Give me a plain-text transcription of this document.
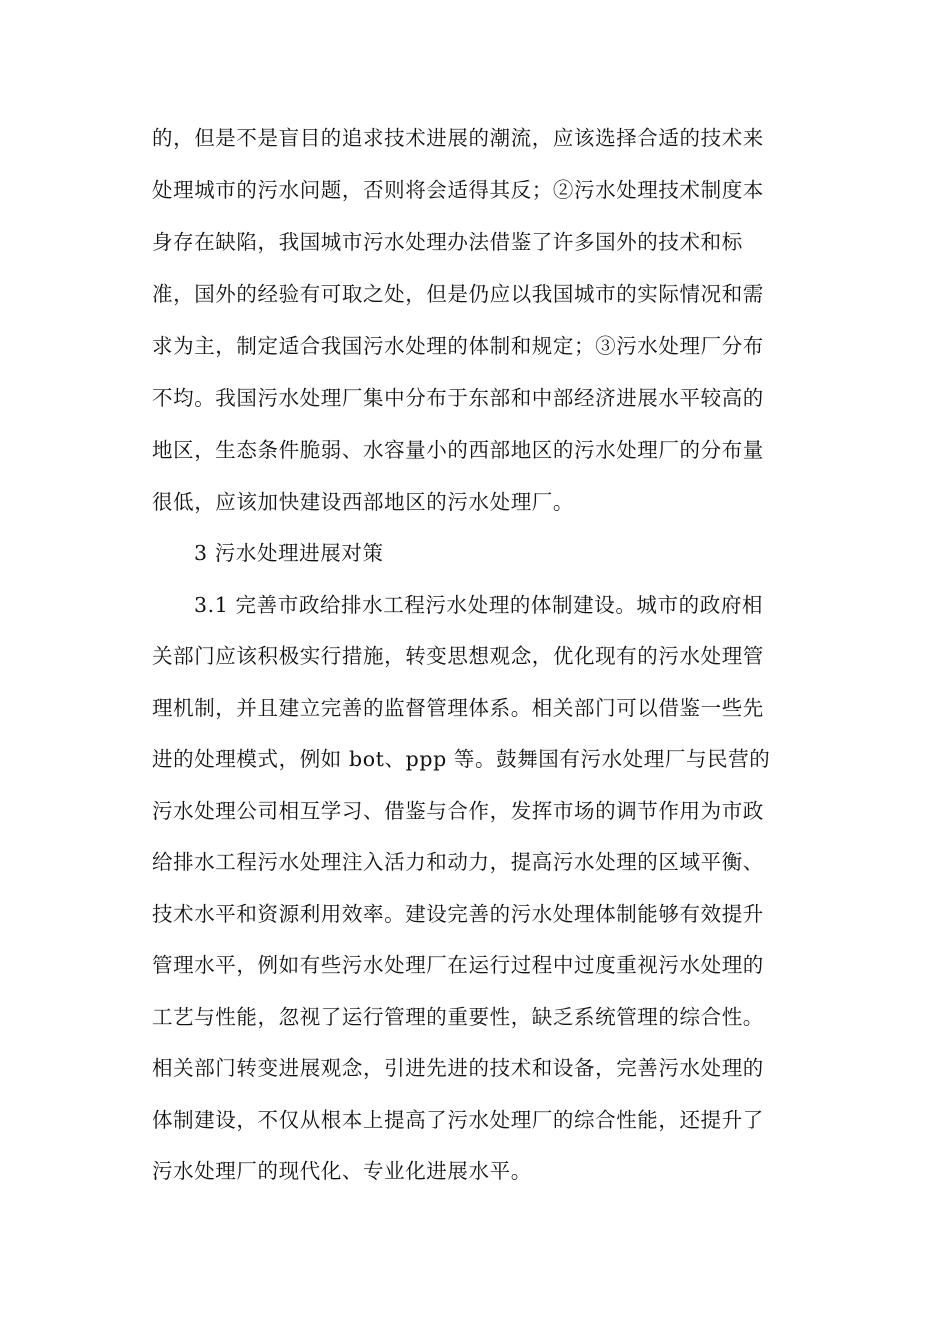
的，但是不是盲目的追求技术进展的潮流，应该选择合适的技术来
处理城市的污水问题，否则将会适得其反；②污水处理技术制度本
身存在缺陷，我国城市污水处理办法借鉴了许多国外的技术和标
准，国外的经验有可取之处，但是仍应以我国城市的实际情况和需
求为主，制定适合我国污水处理的体制和规定；③污水处理厂分布
不均。我国污水处理厂集中分布于东部和中部经济进展水平较高的
地区，生态条件脆弱、水容量小的西部地区的污水处理厂的分布量
很低，应该加快建设西部地区的污水处理厂。
3 污水处理进展对策
3.1 完善市政给排水工程污水处理的体制建设。城市的政府相
关部门应该积极实行措施，转变思想观念，优化现有的污水处理管
理机制，并且建立完善的监督管理体系。相关部门可以借鉴一些先
进的处理模式，例如 bot、ppp 等。鼓舞国有污水处理厂与民营的
污水处理公司相互学习、借鉴与合作，发挥市场的调节作用为市政
给排水工程污水处理注入活力和动力，提高污水处理的区域平衡、
技术水平和资源利用效率。建设完善的污水处理体制能够有效提升
管理水平，例如有些污水处理厂在运行过程中过度重视污水处理的
工艺与性能，忽视了运行管理的重要性，缺乏系统管理的综合性。
相关部门转变进展观念，引进先进的技术和设备，完善污水处理的
体制建设，不仅从根本上提高了污水处理厂的综合性能，还提升了
污水处理厂的现代化、专业化进展水平。
